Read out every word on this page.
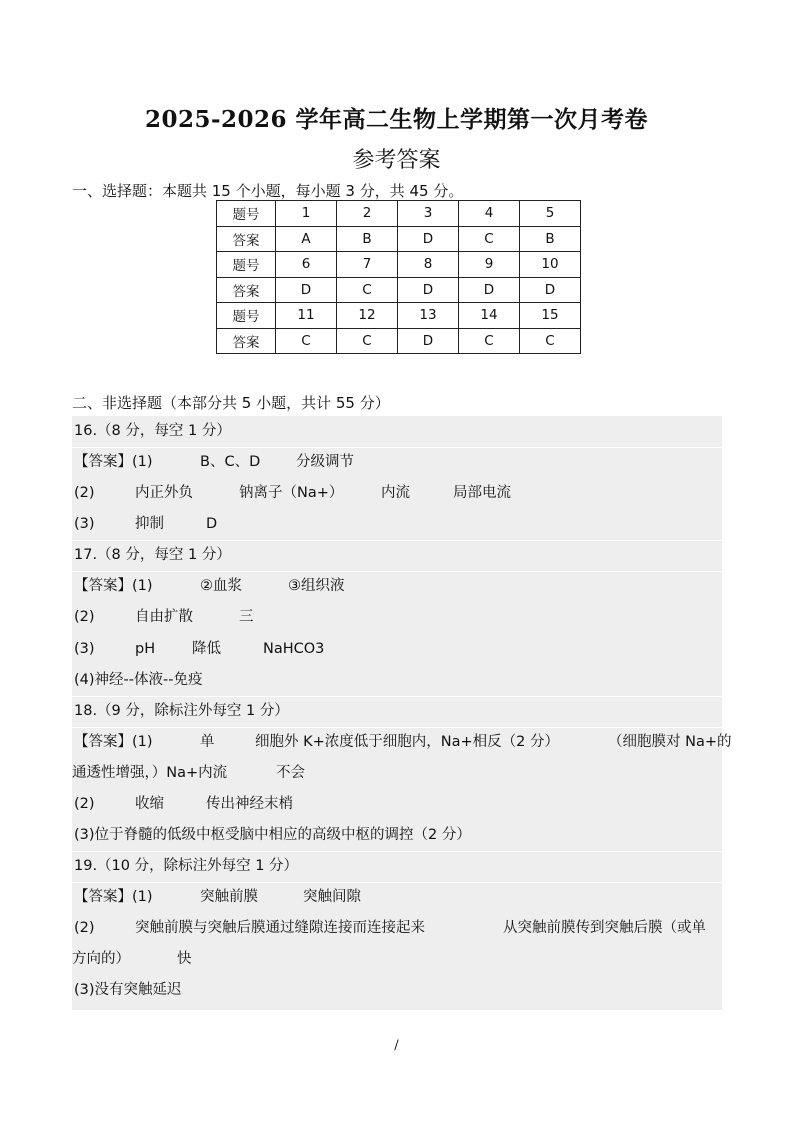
2025-2026 学年高二生物上学期第一次月考卷
参考答案
一、选择题：本题共 15 个小题，每小题 3 分，共 45 分。
题号	1	2	3	4	5
答案	A	B	D	C	B
题号	6	7	8	9	10
答案	D	C	D	D	D
题号	11	12	13	14	15
答案	C	C	D	C	C
二、非选择题（本部分共 5 小题，共计 55 分）
16.（8 分，每空 1 分）
【答案】(1)	B、C、D 分级调节
(2)	内正外负	钠离子（Na+）	内流	局部电流
(3)	抑制	D
17.（8 分，每空 1 分）
【答案】(1)	②血浆	③组织液
(2)	自由扩散	三
(3)	pH	降低	NaHCO3
(4)神经--体液--免疫
18.（9 分，除标注外每空 1 分）
【答案】(1)	单	细胞外 K+浓度低于细胞内，Na+相反（2 分）	（细胞膜对 Na+的
通透性增强，）Na+内流	不会
(2)	收缩	传出神经末梢
(3)位于脊髓的低级中枢受脑中相应的高级中枢的调控（2 分）
19.（10 分，除标注外每空 1 分）
【答案】(1)	突触前膜	突触间隙
(2)	突触前膜与突触后膜通过缝隙连接而连接起来	从突触前膜传到突触后膜（或单
方向的）	快
(3)没有突触延迟
/
